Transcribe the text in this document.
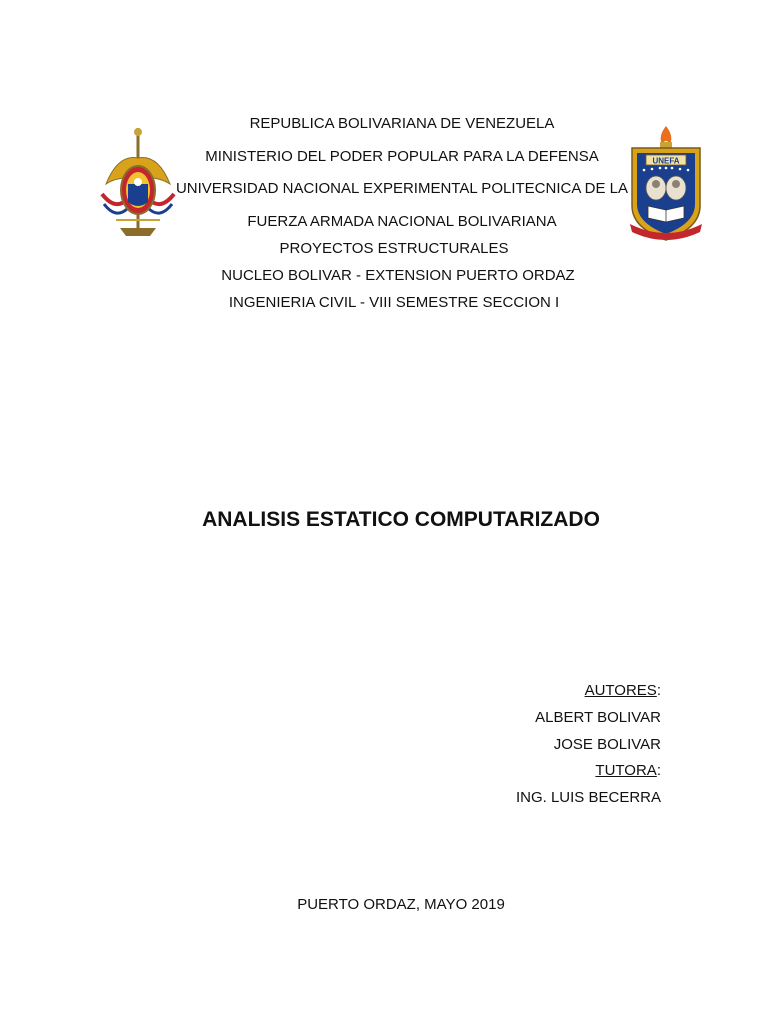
UNEFA
REPUBLICA BOLIVARIANA DE VENEZUELA
MINISTERIO DEL PODER POPULAR PARA LA DEFENSA
UNIVERSIDAD NACIONAL EXPERIMENTAL POLITECNICA DE LA
FUERZA ARMADA NACIONAL BOLIVARIANA
PROYECTOS ESTRUCTURALES
NUCLEO BOLIVAR - EXTENSION PUERTO ORDAZ
INGENIERIA CIVIL - VIII SEMESTRE SECCION I
ANALISIS ESTATICO COMPUTARIZADO
AUTORES:
ALBERT BOLIVAR
JOSE BOLIVAR
TUTORA:
ING. LUIS BECERRA
PUERTO ORDAZ, MAYO 2019
